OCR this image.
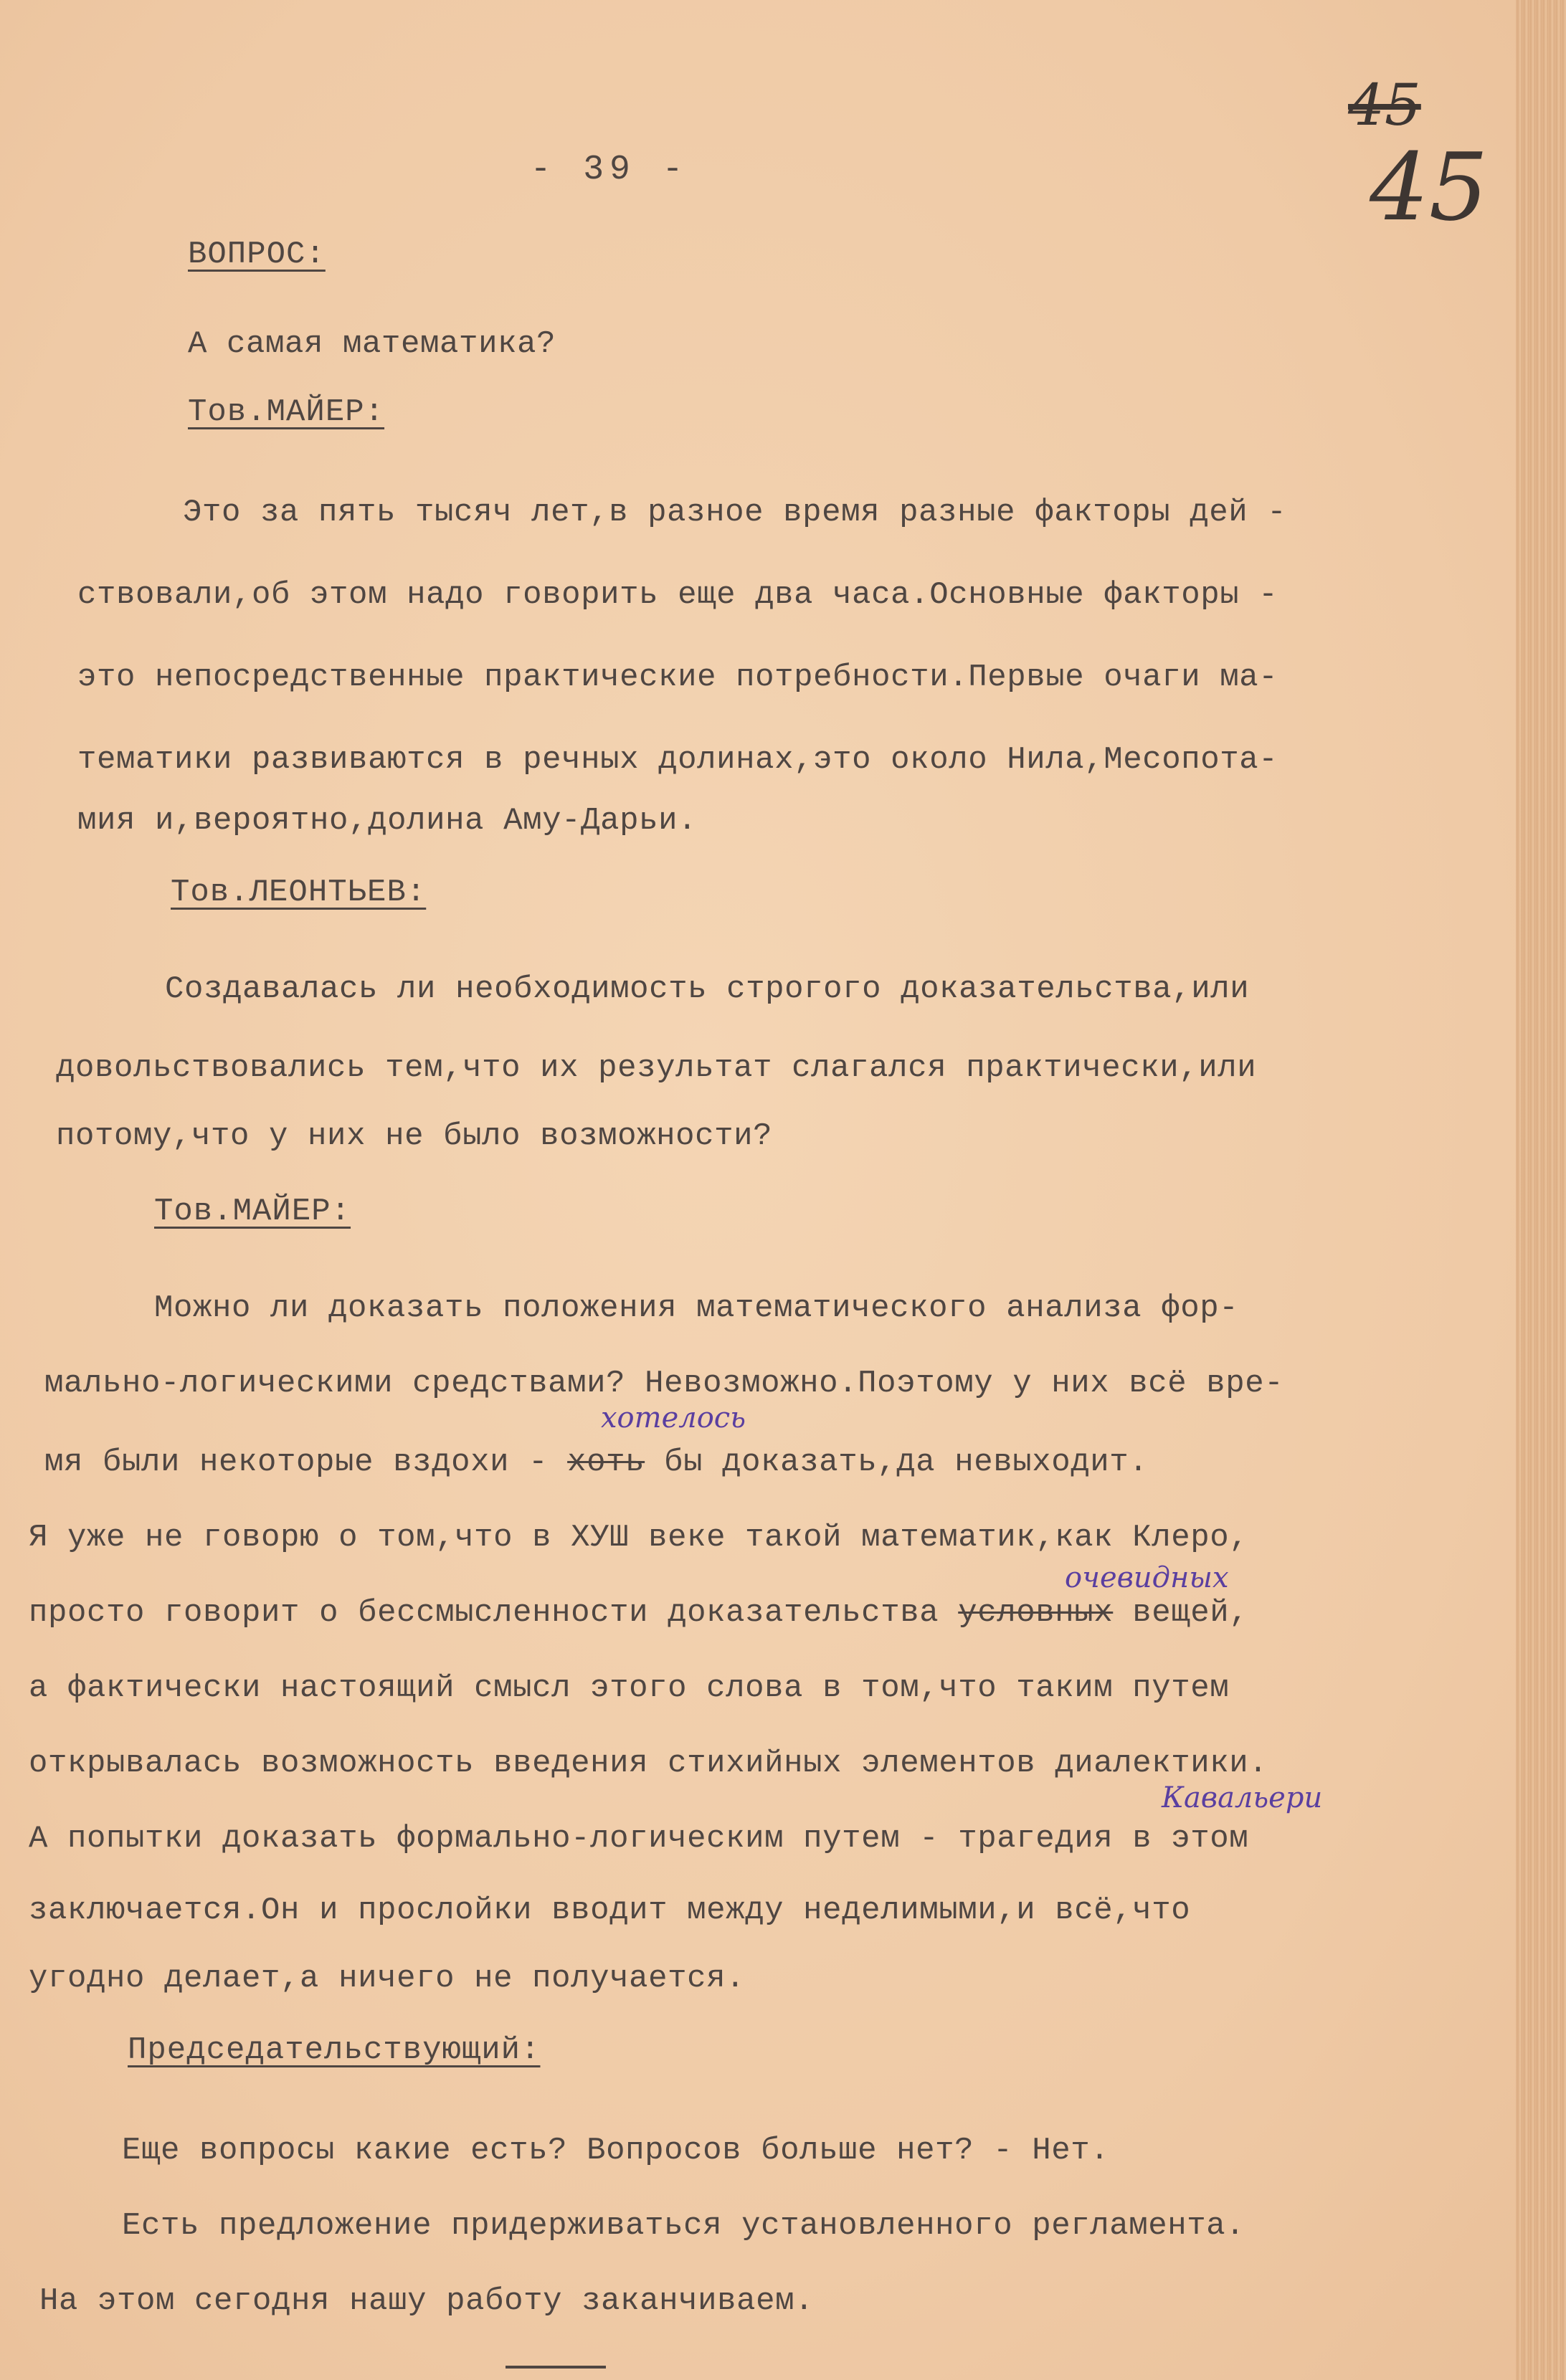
- 39 -
45
45
ВОПРОС:
А самая математика?
Тов.МАЙЕР:
Это за пять тысяч лет,в разное время разные факторы дей -
ствовали,об этом надо говорить еще два часа.Основные факторы -
это непосредственные практические потребности.Первые очаги ма-
тематики развиваются в речных долинах,это около Нила,Месопота-
мия и,вероятно,долина Аму-Дарьи.
Тов.ЛЕОНТЬЕВ:
Создавалась ли необходимость строгого доказательства,или
довольствовались тем,что их результат слагался практически,или
потому,что у них не было возможности?
Тов.МАЙЕР:
Можно ли доказать положения математического анализа фор-
мально-логическими средствами? Невозможно.Поэтому у них всё вре-
мя были некоторые вздохи - хоть бы доказать,да невыходит.
Я уже не говорю о том,что в ХУШ веке такой математик,как Клеро,
просто говорит о бессмысленности доказательства условных вещей,
а фактически настоящий смысл этого слова в том,что таким путем
открывалась возможность введения стихийных элементов диалектики.
А попытки доказать формально-логическим путем - трагедия в этом
заключается.Он и прослойки вводит между неделимыми,и всё,что
угодно делает,а ничего не получается.
хотелось
очевидных
Кавальери
Председательствующий:
Еще вопросы какие есть? Вопросов больше нет? - Нет.
Есть предложение придерживаться установленного регламента.
На этом сегодня нашу работу заканчиваем.
